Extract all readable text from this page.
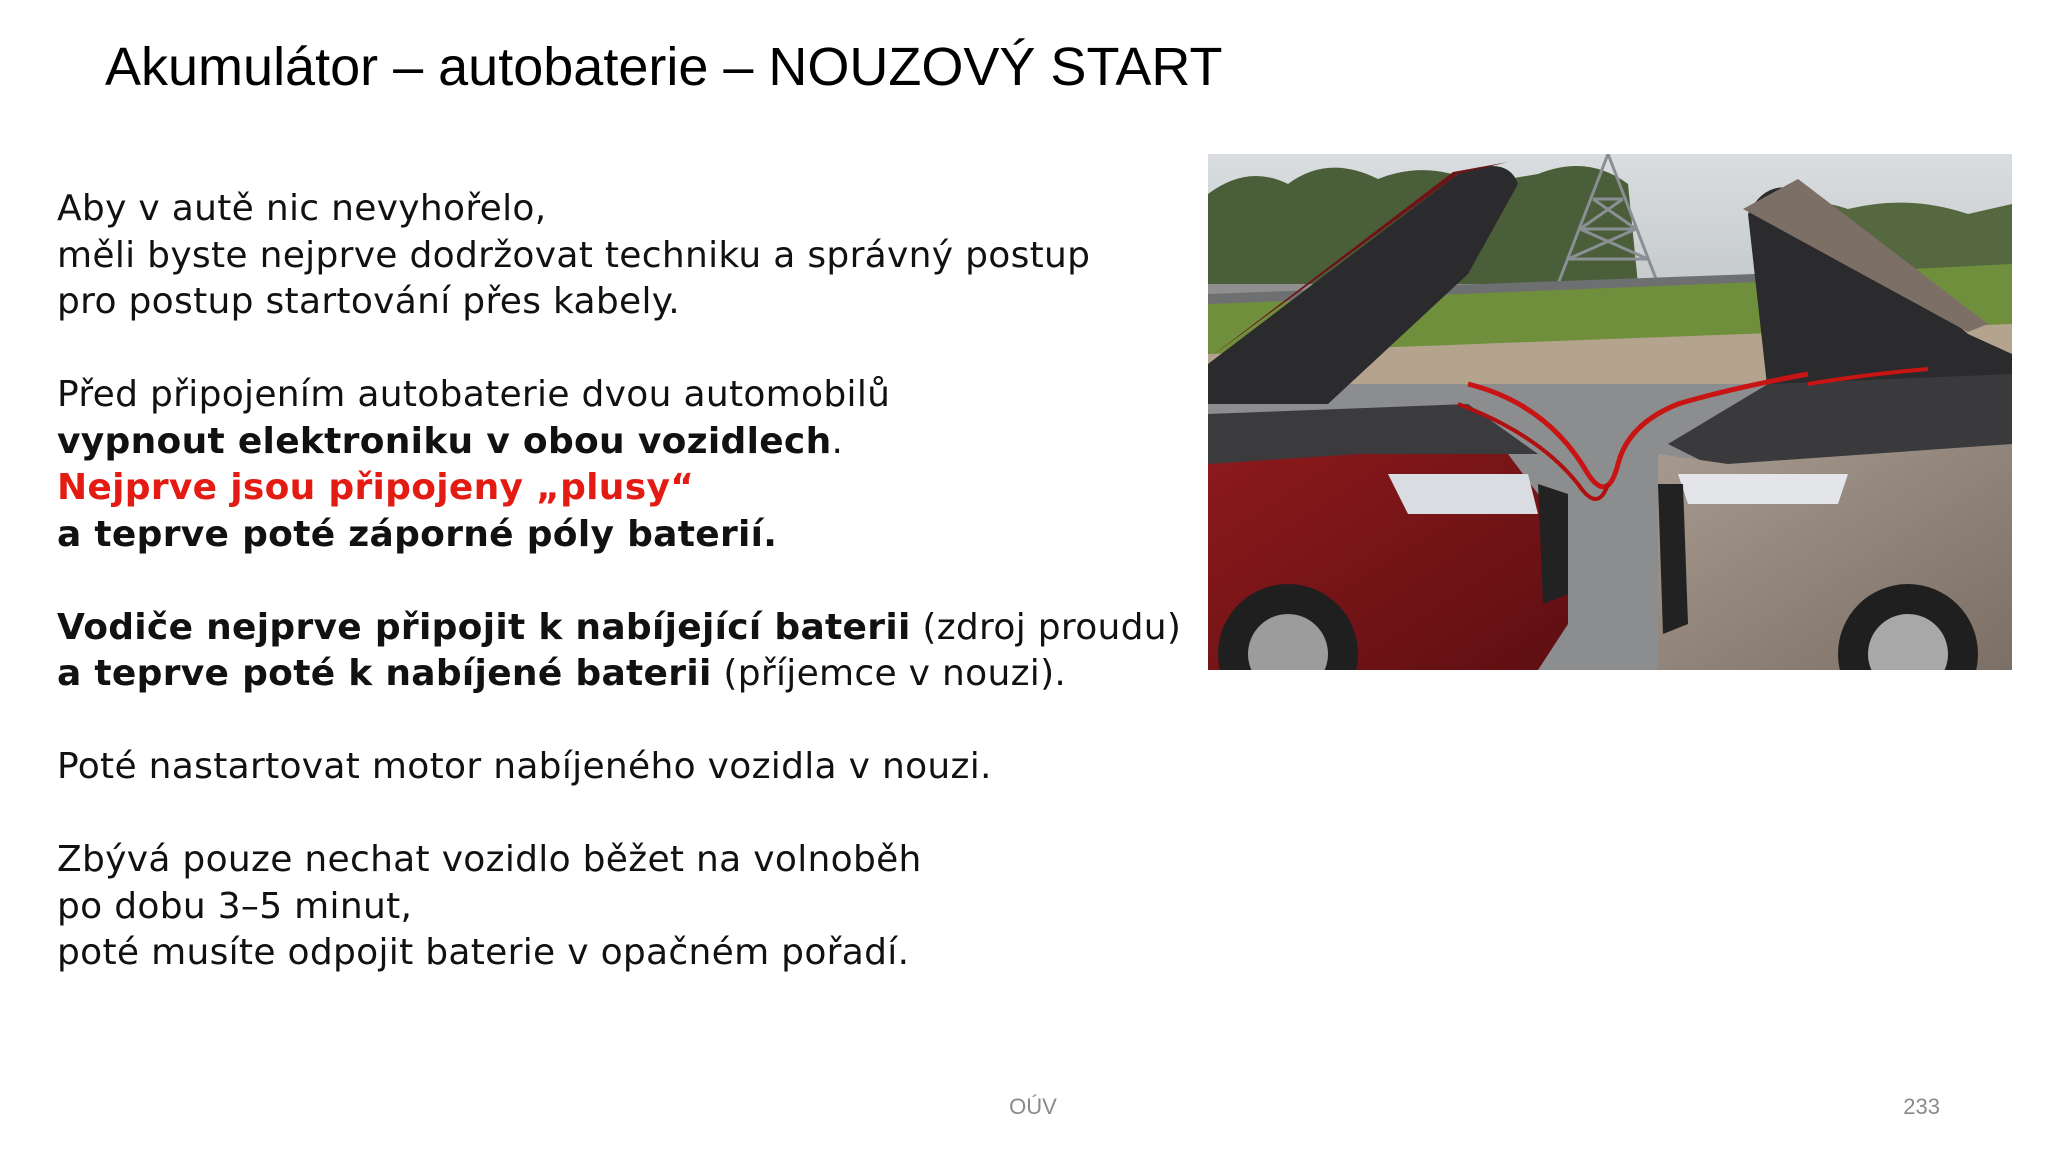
Akumulátor – autobaterie – NOUZOVÝ START

Aby v autě nic nevyhořelo,

měli byste nejprve dodržovat techniku a správný postup

pro postup startování přes kabely.

Před připojením autobaterie dvou automobilů

vypnout elektroniku v obou vozidlech.

Nejprve jsou připojeny „plusy“

a teprve poté záporné póly baterií.

Vodiče nejprve připojit k nabíjející baterii (zdroj proudu)

a teprve poté k nabíjené baterii (příjemce v nouzi).

Poté nastartovat motor nabíjeného vozidla v nouzi.

Zbývá pouze nechat vozidlo běžet na volnoběh

po dobu 3–5 minut,

poté musíte odpojit baterie v opačném pořadí.

OÚV	233
